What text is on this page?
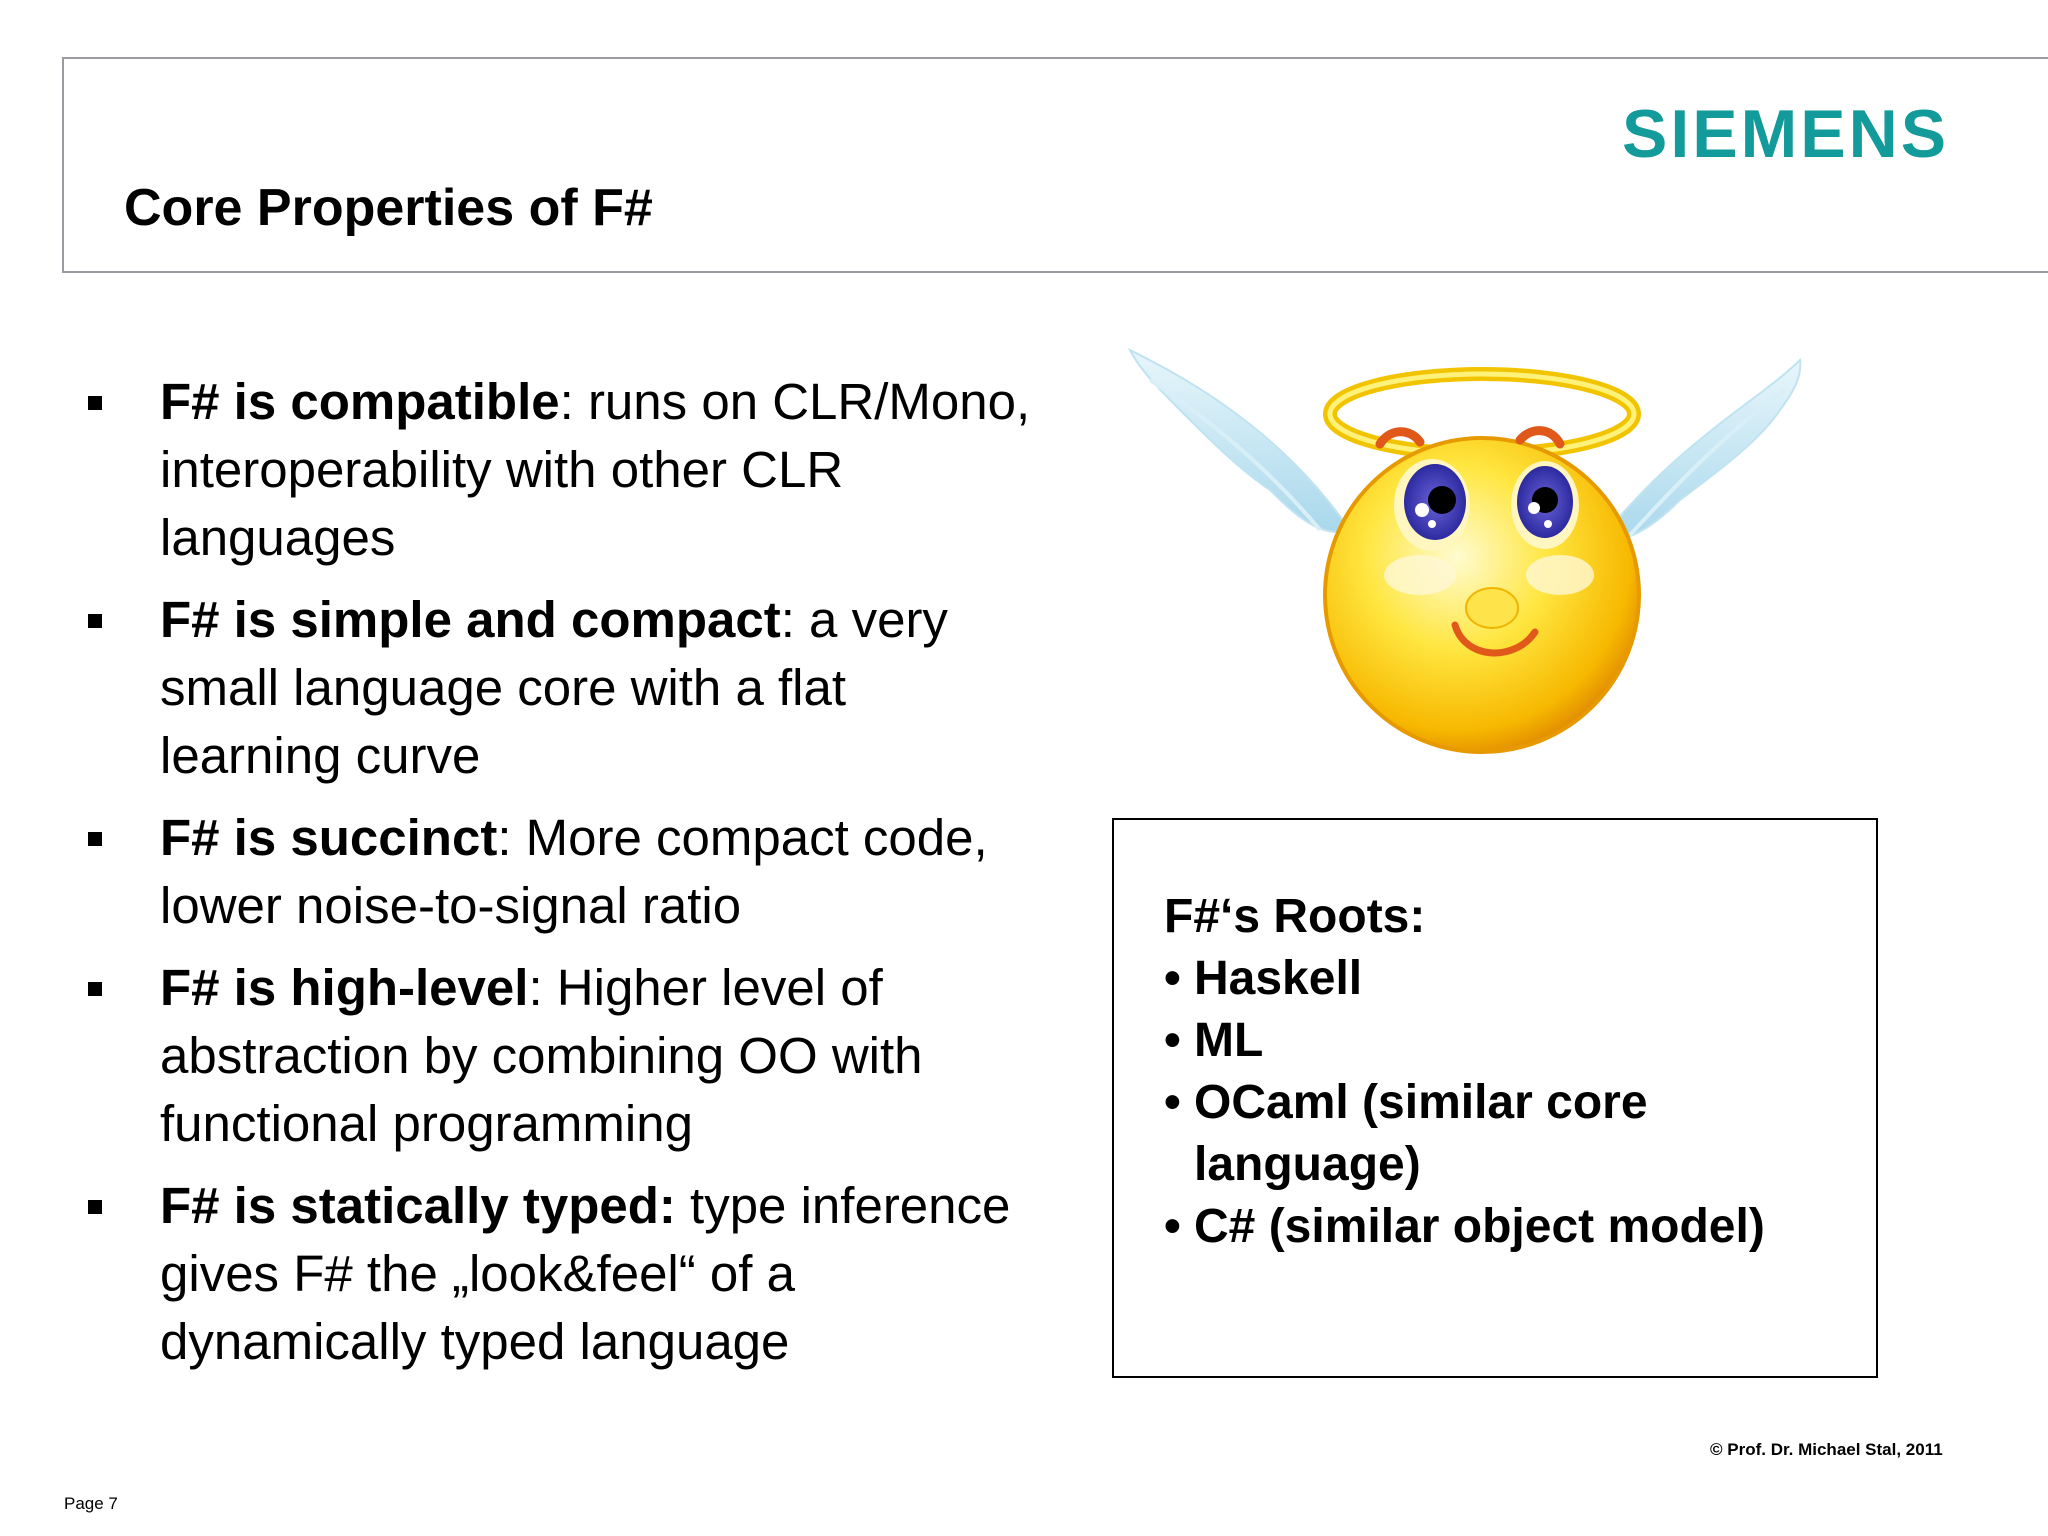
Core Properties of F#
SIEMENS
F# is compatible: runs on CLR/Mono, interoperability with other CLR languages
F# is simple and compact: a very small language core with a flat learning curve
F# is succinct: More compact code, lower noise-to-signal ratio
F# is high-level: Higher level of abstraction by combining OO with functional programming
F# is statically typed: type inference gives F# the „look&feel“ of a dynamically typed language
F#‘s Roots:
• Haskell
• ML
• OCaml (similar core language)
• C# (similar object model)
© Prof. Dr. Michael Stal, 2011
Page 7
